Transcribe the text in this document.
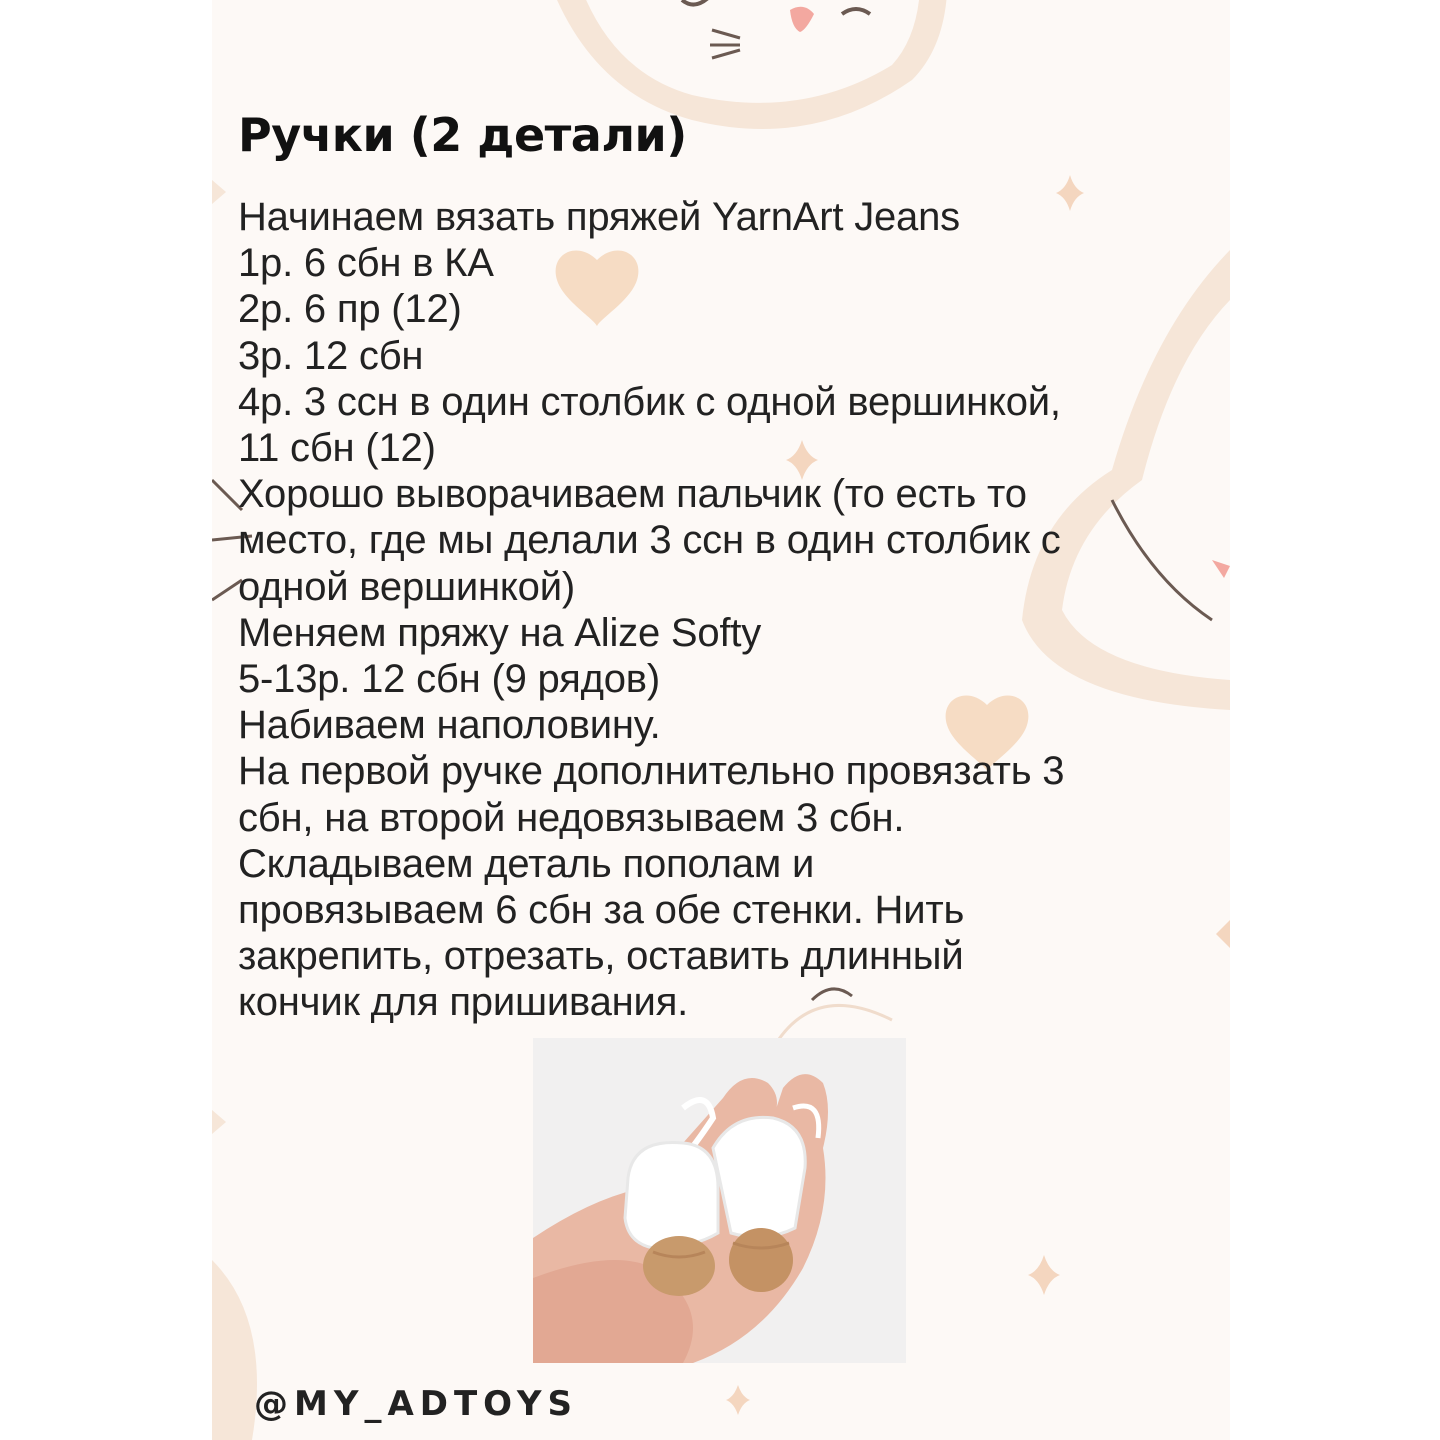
Ручки (2 детали)
Начинаем вязать пряжей YarnArt Jeans
1р. 6 сбн в КА
2р. 6 пр (12)
3р. 12 сбн
4р. 3 ссн в один столбик с одной вершинкой,
11 сбн (12)
Хорошо выворачиваем пальчик (то есть то
место, где мы делали 3 ссн в один столбик с
одной вершинкой)
Меняем пряжу на Alize Softy
5-13р. 12 сбн (9 рядов)
Набиваем наполовину.
На первой ручке дополнительно провязать 3
сбн, на второй недовязываем 3 сбн.
Складываем деталь пополам и
провязываем 6 сбн за обе стенки. Нить
закрепить, отрезать, оставить длинный
кончик для пришивания.
@MY_ADTOYS
